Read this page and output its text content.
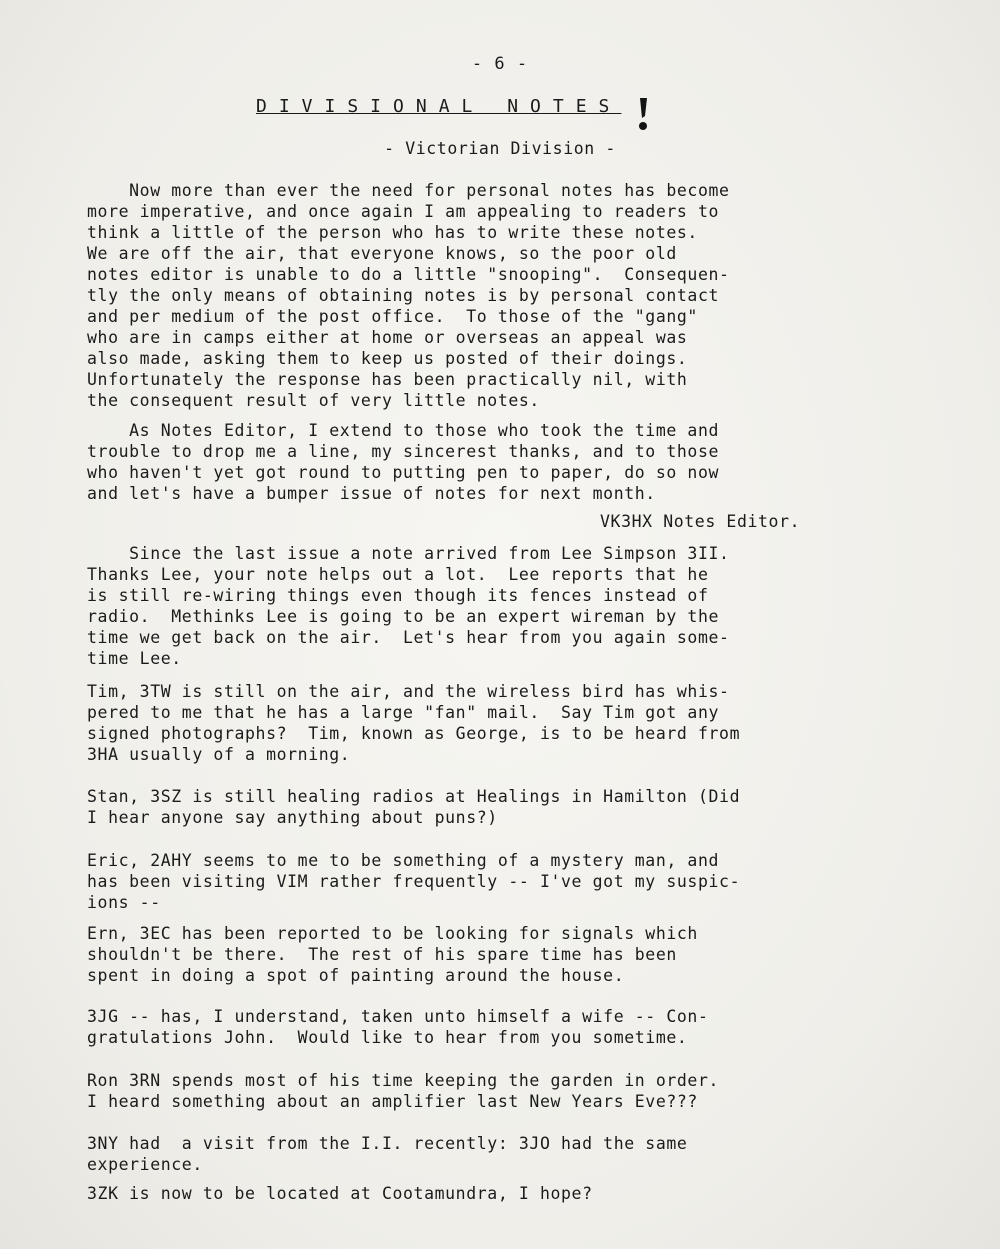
- 6 -
DIVISIONAL NOTES
- Victorian Division -
Now more than ever the need for personal notes has become
more imperative, and once again I am appealing to readers to
think a little of the person who has to write these notes.
We are off the air, that everyone knows, so the poor old
notes editor is unable to do a little "snooping".  Consequen-
tly the only means of obtaining notes is by personal contact
and per medium of the post office.  To those of the "gang"
who are in camps either at home or overseas an appeal was
also made, asking them to keep us posted of their doings.
Unfortunately the response has been practically nil, with
the consequent result of very little notes.
As Notes Editor, I extend to those who took the time and
trouble to drop me a line, my sincerest thanks, and to those
who haven't yet got round to putting pen to paper, do so now
and let's have a bumper issue of notes for next month.
VK3HX Notes Editor.
Since the last issue a note arrived from Lee Simpson 3II.
Thanks Lee, your note helps out a lot.  Lee reports that he
is still re-wiring things even though its fences instead of
radio.  Methinks Lee is going to be an expert wireman by the
time we get back on the air.  Let's hear from you again some-
time Lee.
Tim, 3TW is still on the air, and the wireless bird has whis-
pered to me that he has a large "fan" mail.  Say Tim got any
signed photographs?  Tim, known as George, is to be heard from
3HA usually of a morning.
Stan, 3SZ is still healing radios at Healings in Hamilton (Did
I hear anyone say anything about puns?)
Eric, 2AHY seems to me to be something of a mystery man, and
has been visiting VIM rather frequently -- I've got my suspic-
ions --
Ern, 3EC has been reported to be looking for signals which
shouldn't be there.  The rest of his spare time has been
spent in doing a spot of painting around the house.
3JG -- has, I understand, taken unto himself a wife -- Con-
gratulations John.  Would like to hear from you sometime.
Ron 3RN spends most of his time keeping the garden in order.
I heard something about an amplifier last New Years Eve???
3NY had  a visit from the I.I. recently: 3JO had the same
experience.
3ZK is now to be located at Cootamundra, I hope?
